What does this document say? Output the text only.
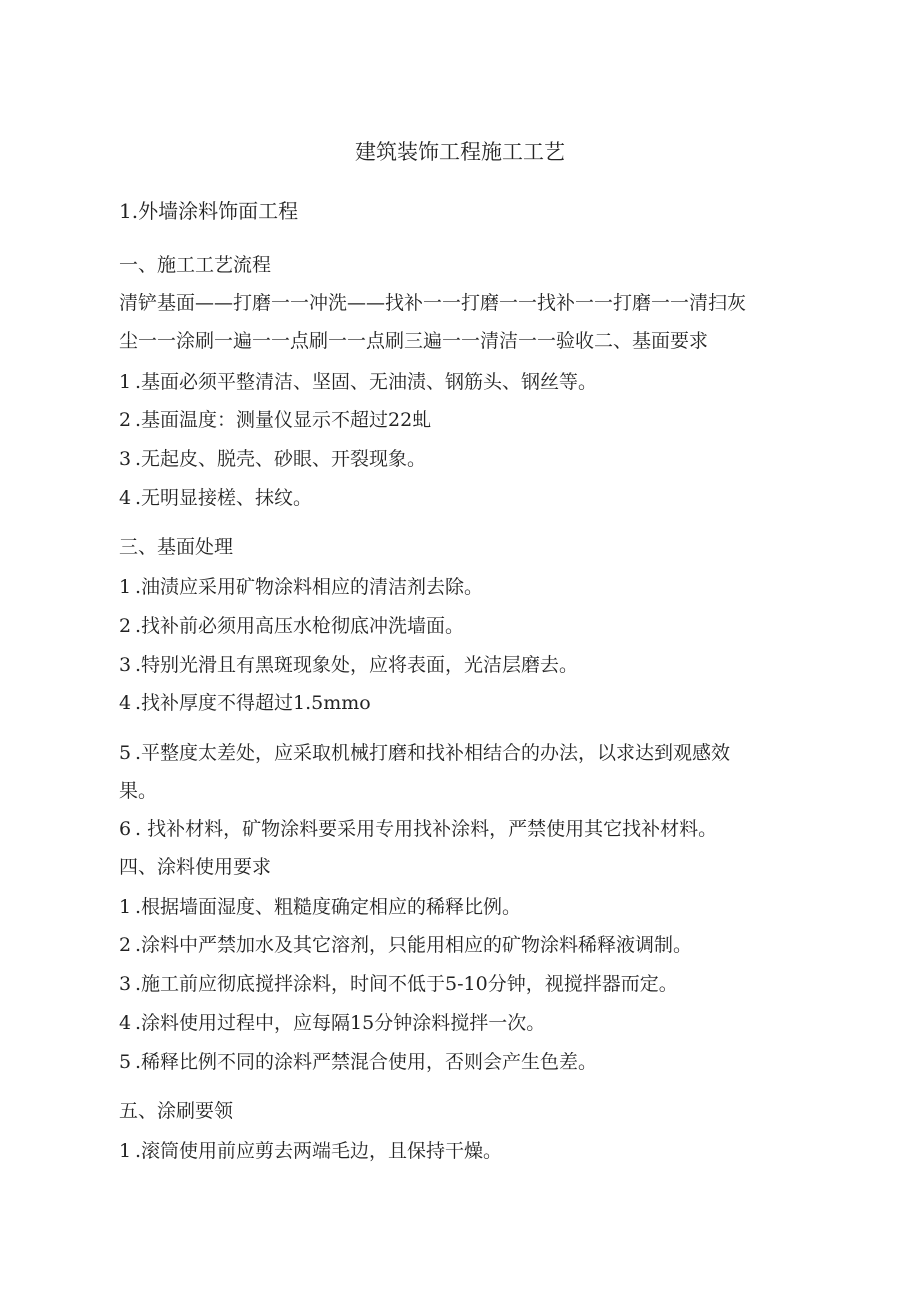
建筑装饰工程施工工艺
1.外墙涂料饰面工程
一、施工工艺流程
清铲基面——打磨一一冲洗——找补一一打磨一一找补一一打磨一一清扫灰
尘一一涂刷一遍一一点刷一一点刷三遍一一清洁一一验收二、基面要求
1 .基面必须平整清洁、坚固、无油渍、钢筋头、钢丝等。
2 .基面温度：测量仪显示不超过22虬
3 .无起皮、脱壳、砂眼、开裂现象。
4 .无明显接槎、抹纹。
三、基面处理
1 .油渍应采用矿物涂料相应的清洁剂去除。
2 .找补前必须用高压水枪彻底冲洗墙面。
3 .特别光滑且有黑斑现象处，应将表面，光洁层磨去。
4 .找补厚度不得超过1.5mmo
5 .平整度太差处，应采取机械打磨和找补相结合的办法，以求达到观感效
果。
6 . 找补材料，矿物涂料要采用专用找补涂料，严禁使用其它找补材料。
四、涂料使用要求
1 .根据墙面湿度、粗糙度确定相应的稀释比例。
2 .涂料中严禁加水及其它溶剂，只能用相应的矿物涂料稀释液调制。
3 .施工前应彻底搅拌涂料，时间不低于5-10分钟，视搅拌器而定。
4 .涂料使用过程中，应每隔15分钟涂料搅拌一次。
5 .稀释比例不同的涂料严禁混合使用，否则会产生色差。
五、涂刷要领
1 .滚筒使用前应剪去两端毛边，且保持干燥。
